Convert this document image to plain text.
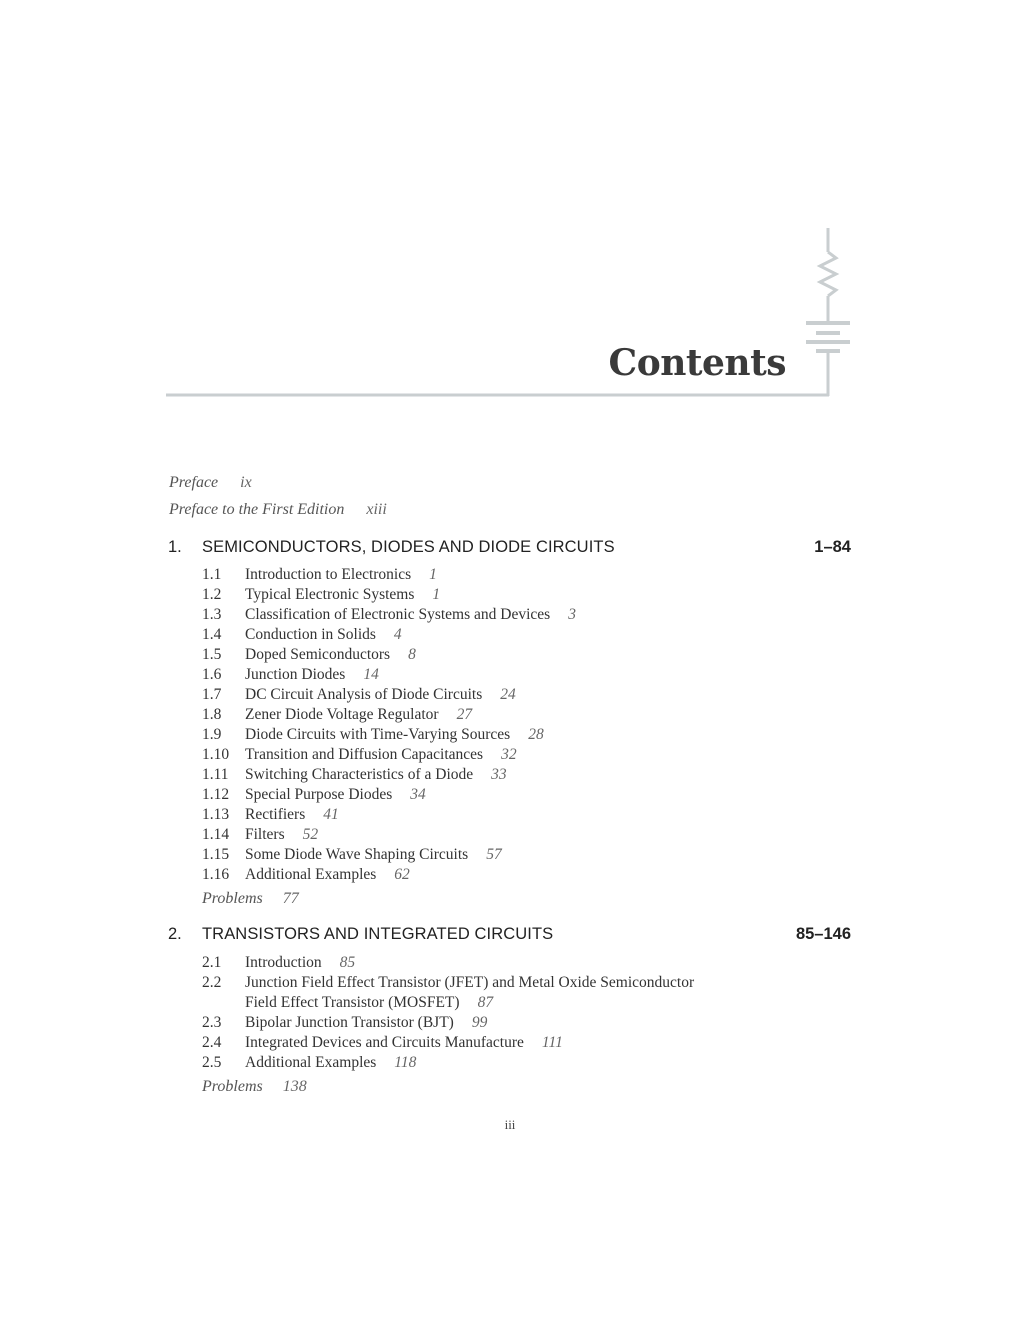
Contents
Preface ix
Preface to the First Edition xiii
1. SEMICONDUCTORS, DIODES AND DIODE CIRCUITS	1–84
1.1 Introduction to Electronics 1
1.2 Typical Electronic Systems 1
1.3 Classification of Electronic Systems and Devices 3
1.4 Conduction in Solids 4
1.5 Doped Semiconductors 8
1.6 Junction Diodes 14
1.7 DC Circuit Analysis of Diode Circuits 24
1.8 Zener Diode Voltage Regulator 27
1.9 Diode Circuits with Time-Varying Sources 28
1.10 Transition and Diffusion Capacitances 32
1.11 Switching Characteristics of a Diode 33
1.12 Special Purpose Diodes 34
1.13 Rectifiers 41
1.14 Filters 52
1.15 Some Diode Wave Shaping Circuits 57
1.16 Additional Examples 62
Problems 77
2. TRANSISTORS AND INTEGRATED CIRCUITS	85–146
2.1 Introduction 85
2.2 Junction Field Effect Transistor (JFET) and Metal Oxide Semiconductor
Field Effect Transistor (MOSFET) 87
2.3 Bipolar Junction Transistor (BJT) 99
2.4 Integrated Devices and Circuits Manufacture 111
2.5 Additional Examples 118
Problems 138
iii
